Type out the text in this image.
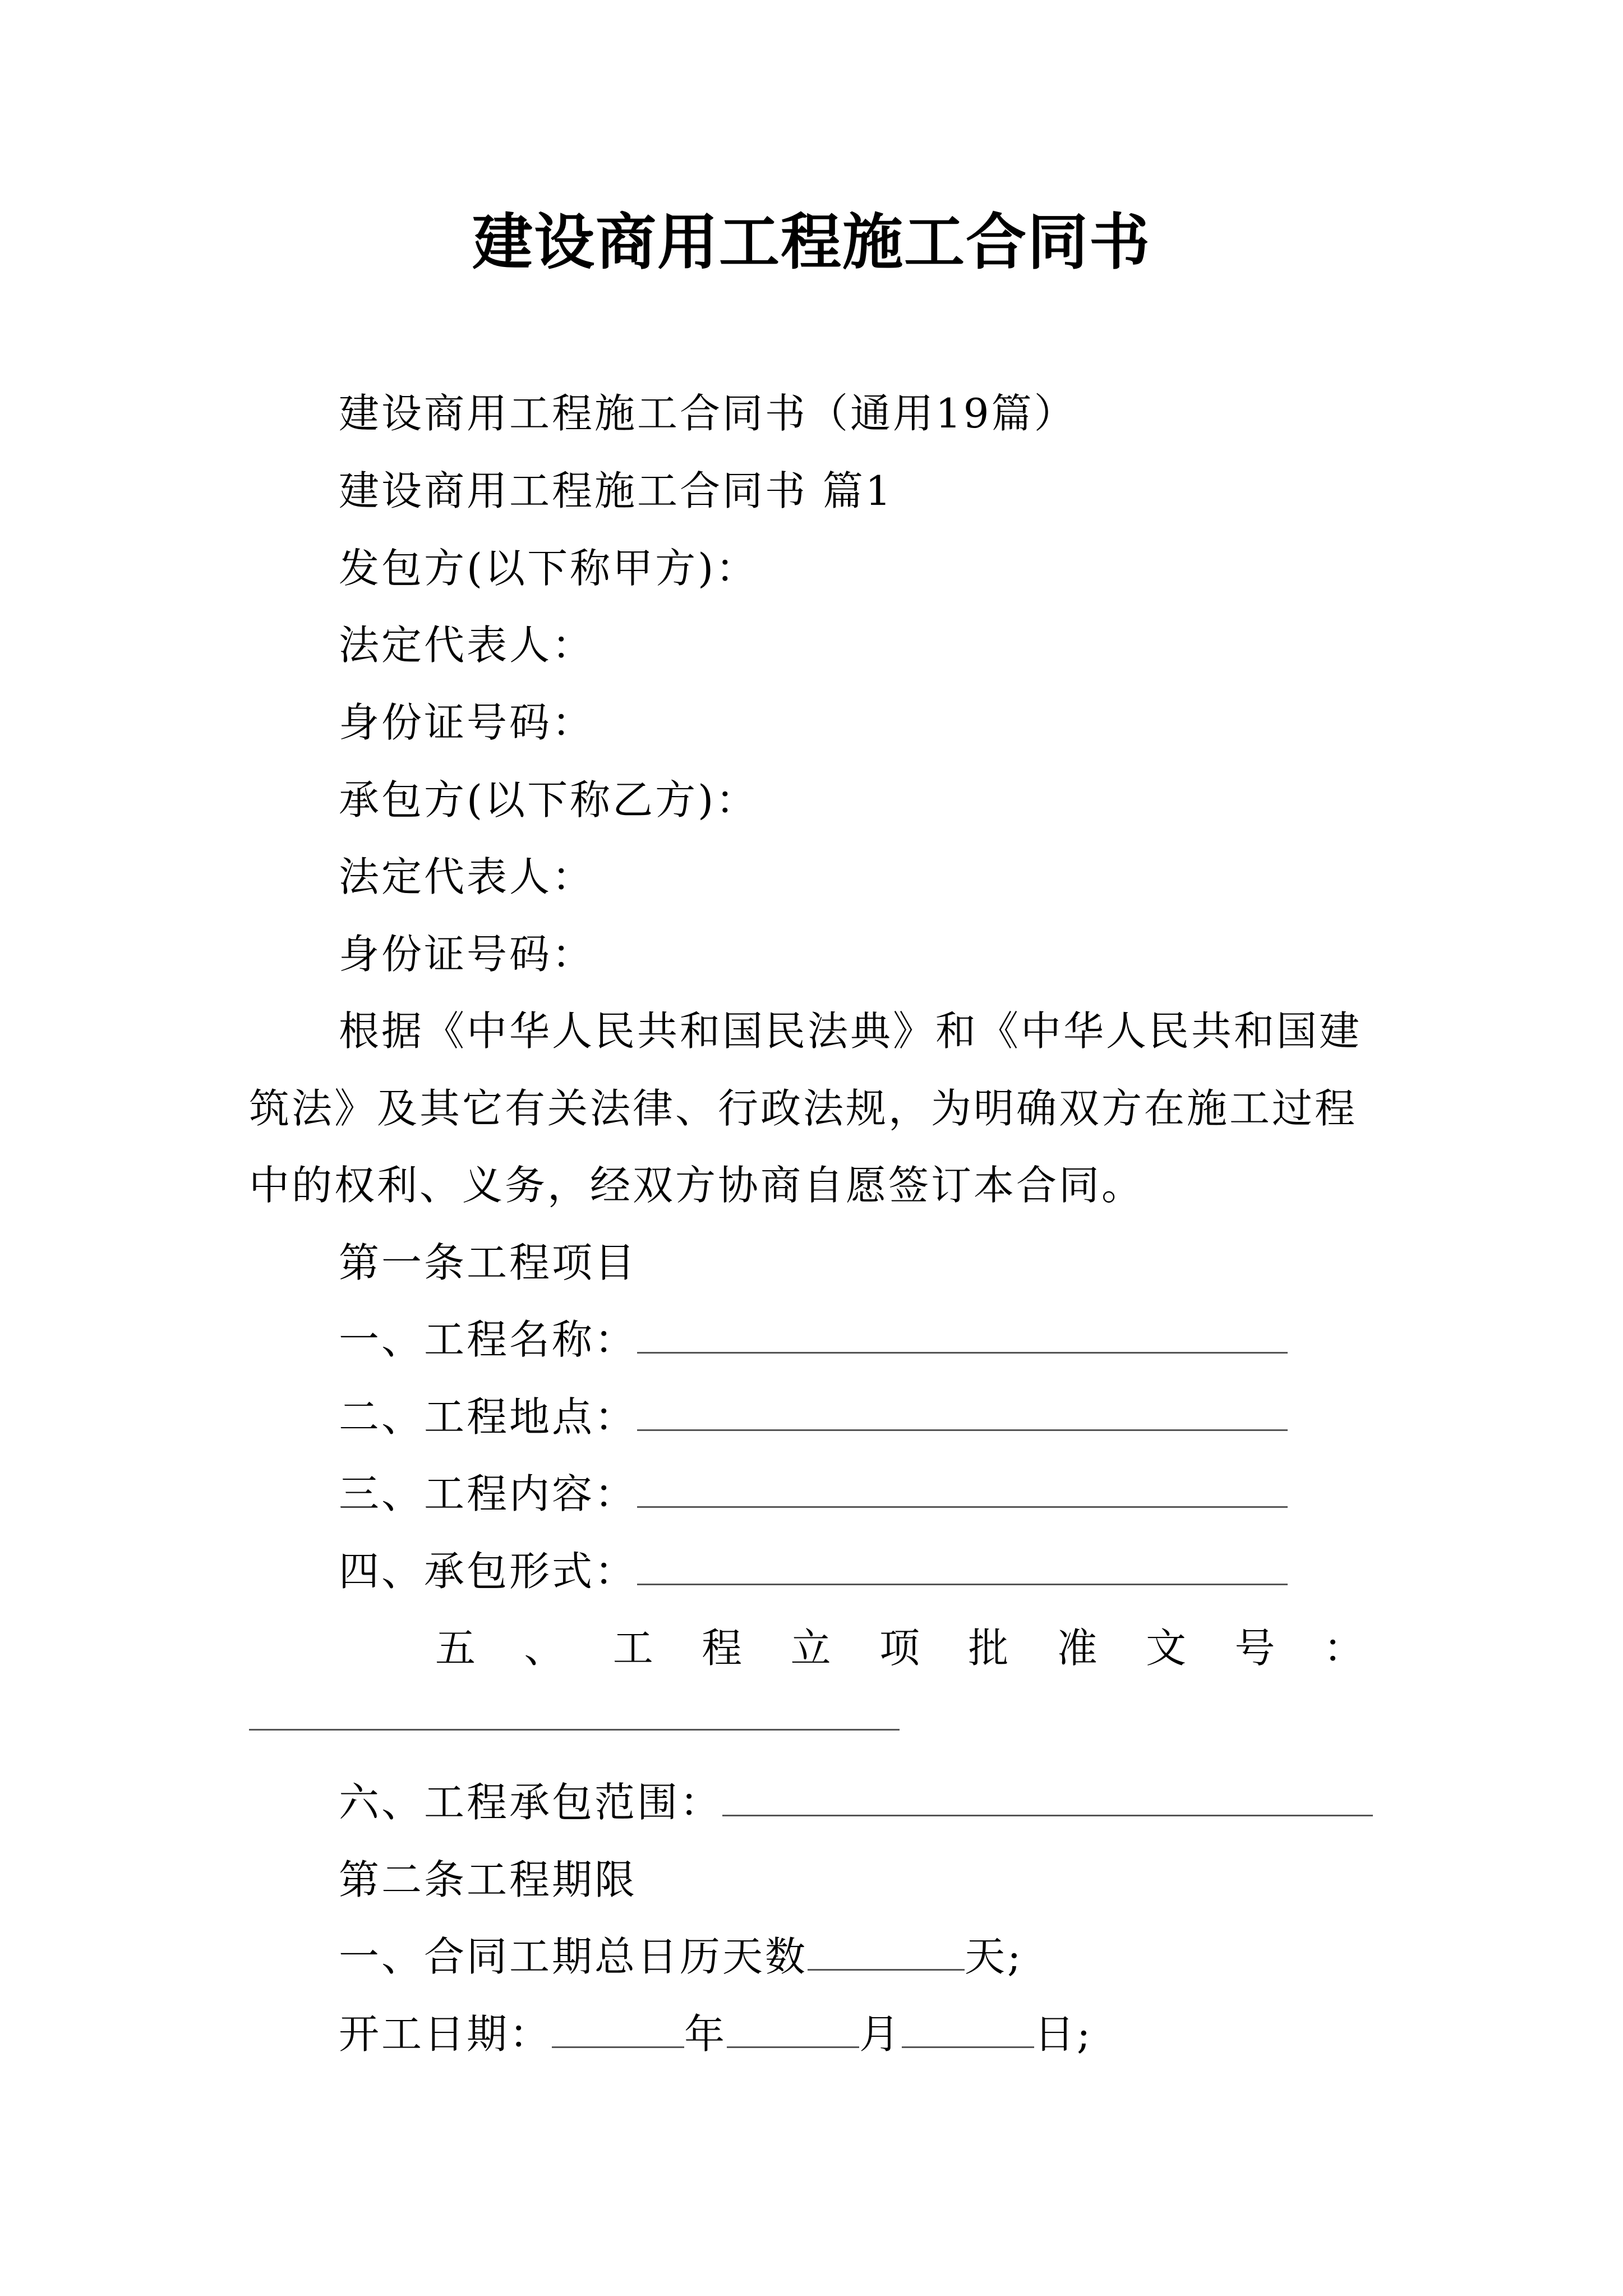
建设商用工程施工合同书
建设商用工程施工合同书（通用19篇）
建设商用工程施工合同书 篇1
发包方(以下称甲方)：
法定代表人：
身份证号码：
承包方(以下称乙方)：
法定代表人：
身份证号码：
根据《中华人民共和国民法典》和《中华人民共和国建
筑法》及其它有关法律、行政法规，为明确双方在施工过程
中的权利、义务，经双方协商自愿签订本合同。
第一条工程项目
一、工程名称：
二、工程地点：
三、工程内容：
四、承包形式：
五 、 工 程 立 项 批 准 文 号 ：
六、工程承包范围：
第二条工程期限
一、合同工期总日历天数	天;
开工日期：	年	月	日;
